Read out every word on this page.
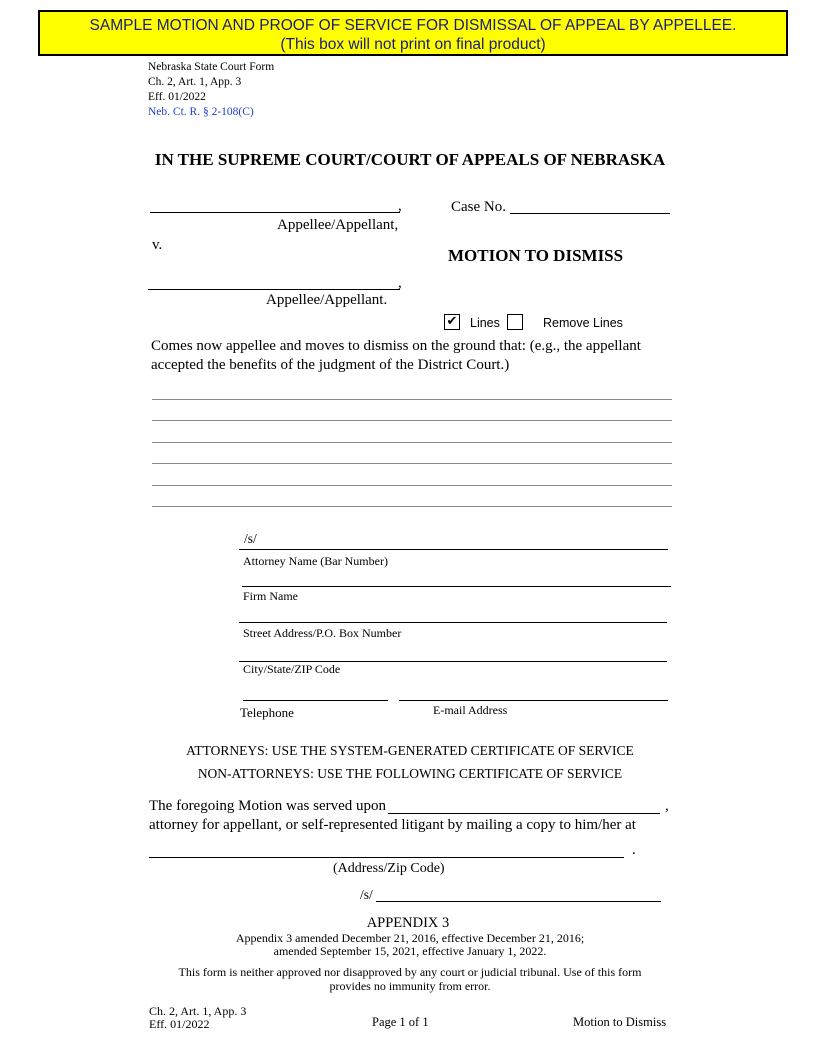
SAMPLE MOTION AND PROOF OF SERVICE FOR DISMISSAL OF APPEAL BY APPELLEE.
(This box will not print on final product)
Nebraska State Court Form
Ch. 2, Art. 1, App. 3
Eff. 01/2022
Neb. Ct. R. § 2-108(C)
IN THE SUPREME COURT/COURT OF APPEALS OF NEBRASKA
,
Appellee/Appellant,
v.
Case No.
MOTION TO DISMISS
,
Appellee/Appellant.
✔ Lines	Remove Lines
Comes now appellee and moves to dismiss on the ground that: (e.g., the appellant
accepted the benefits of the judgment of the District Court.)
/s/
Attorney Name (Bar Number)
Firm Name
Street Address/P.O. Box Number
City/State/ZIP Code
Telephone	E-mail Address
ATTORNEYS: USE THE SYSTEM-GENERATED CERTIFICATE OF SERVICE
NON-ATTORNEYS: USE THE FOLLOWING CERTIFICATE OF SERVICE
The foregoing Motion was served upon	,
attorney for appellant, or self-represented litigant by mailing a copy to him/her at
.
(Address/Zip Code)
/s/
APPENDIX 3
Appendix 3 amended December 21, 2016, effective December 21, 2016;
amended September 15, 2021, effective January 1, 2022.
This form is neither approved nor disapproved by any court or judicial tribunal. Use of this form
provides no immunity from error.
Ch. 2, Art. 1, App. 3
Eff. 01/2022	Page 1 of 1	Motion to Dismiss
